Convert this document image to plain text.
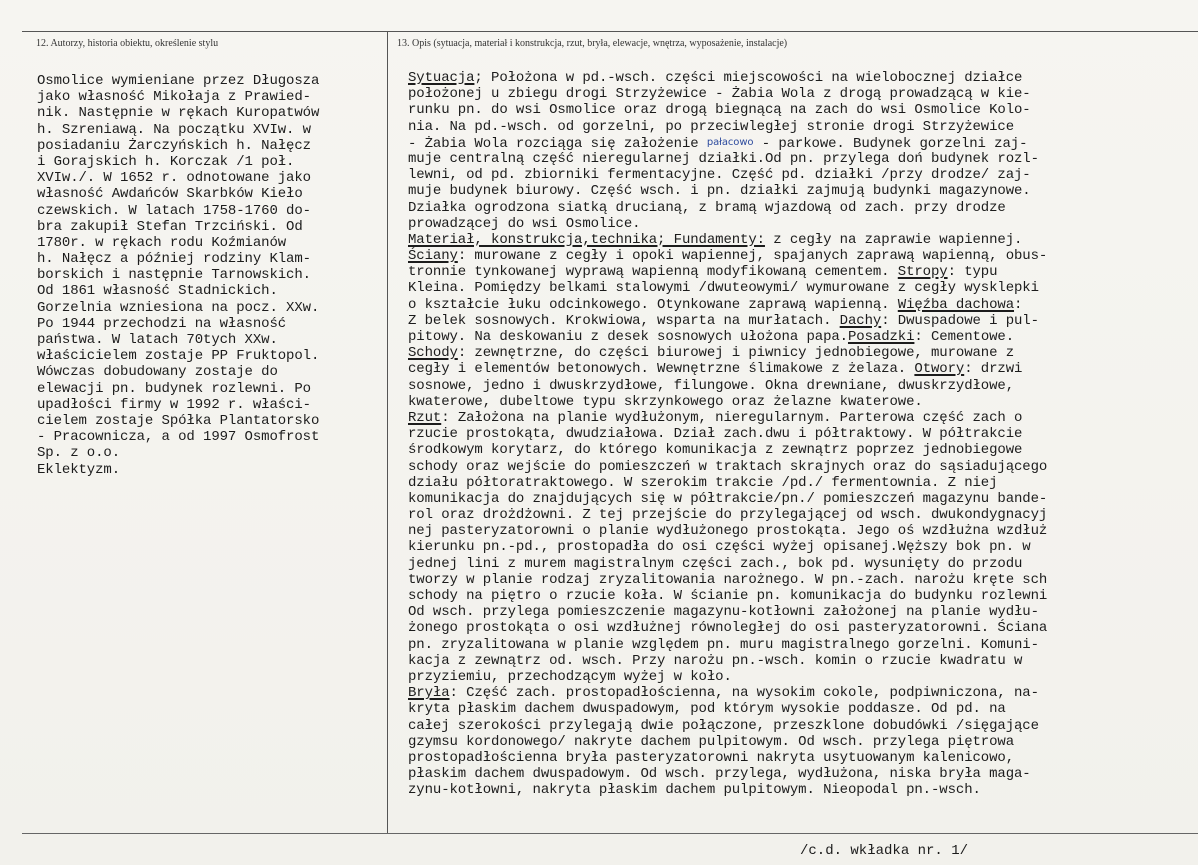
12. Autorzy, historia obiektu, określenie stylu	13. Opis (sytuacja, materiał i konstrukcja, rzut, bryła, elewacje, wnętrza, wyposażenie, instalacje)
Osmolice wymieniane przez Długosza
jako własność Mikołaja z Prawied-
nik. Następnie w rękach Kuropatwów
h. Szreniawą. Na początku XVIw. w
posiadaniu Żarczyńskich h. Nałęcz
i Gorajskich h. Korczak /1 poł.
XVIw./. W 1652 r. odnotowane jako
własność Awdańców Skarbków Kieło
czewskich. W latach 1758-1760 do-
bra zakupił Stefan Trzciński. Od
1780r. w rękach rodu Koźmianów
h. Nałęcz a później rodziny Klam-
borskich i następnie Tarnowskich.
Od 1861 własność Stadnickich.
Gorzelnia wzniesiona na pocz. XXw.
Po 1944 przechodzi na własność
państwa. W latach 70tych XXw.
właścicielem zostaje PP Fruktopol.
Wówczas dobudowany zostaje do
elewacji pn. budynek rozlewni. Po
upadłości firmy w 1992 r. właści-
cielem zostaje Spółka Plantatorsko
- Pracownicza, a od 1997 Osmofrost
Sp. z o.o.
Eklektyzm.
Sytuacja; Położona w pd.-wsch. części miejscowości na wielobocznej działce
położonej u zbiegu drogi Strzyżewice - Żabia Wola z drogą prowadzącą w kie-
runku pn. do wsi Osmolice oraz drogą biegnącą na zach do wsi Osmolice Kolo-
nia. Na pd.-wsch. od gorzelni, po przeciwległej stronie drogi Strzyżewice
- Żabia Wola rozciąga się założenie pałacowo - parkowe. Budynek gorzelni zaj-
muje centralną część nieregularnej działki.Od pn. przylega doń budynek rozl-
lewni, od pd. zbiorniki fermentacyjne. Część pd. działki /przy drodze/ zaj-
muje budynek biurowy. Część wsch. i pn. działki zajmują budynki magazynowe.
Działka ogrodzona siatką drucianą, z bramą wjazdową od zach. przy drodze
prowadzącej do wsi Osmolice.
Materiał, konstrukcja,technika; Fundamenty: z cegły na zaprawie wapiennej.
Ściany: murowane z cegły i opoki wapiennej, spajanych zaprawą wapienną, obus-
tronnie tynkowanej wyprawą wapienną modyfikowaną cementem. Stropy: typu
Kleina. Pomiędzy belkami stalowymi /dwuteowymi/ wymurowane z cegły wysklepki
o kształcie łuku odcinkowego. Otynkowane zaprawą wapienną. Więźba dachowa:
Z belek sosnowych. Krokwiowa, wsparta na murłatach. Dachy: Dwuspadowe i pul-
pitowy. Na deskowaniu z desek sosnowych ułożona papa.Posadzki: Cementowe.
Schody: zewnętrzne, do części biurowej i piwnicy jednobiegowe, murowane z
cegły i elementów betonowych. Wewnętrzne ślimakowe z żelaza. Otwory: drzwi
sosnowe, jedno i dwuskrzydłowe, filungowe. Okna drewniane, dwuskrzydłowe,
kwaterowe, dubeltowe typu skrzynkowego oraz żelazne kwaterowe.
Rzut: Założona na planie wydłużonym, nieregularnym. Parterowa część zach o
rzucie prostokąta, dwudziałowa. Dział zach.dwu i półtraktowy. W półtrakcie
środkowym korytarz, do którego komunikacja z zewnątrz poprzez jednobiegowe
schody oraz wejście do pomieszczeń w traktach skrajnych oraz do sąsiadującego
działu półtoratraktowego. W szerokim trakcie /pd./ fermentownia. Z niej
komunikacja do znajdujących się w półtrakcie/pn./ pomieszczeń magazynu bande-
rol oraz drożdżowni. Z tej przejście do przylegającej od wsch. dwukondygnacyj
nej pasteryzatorowni o planie wydłużonego prostokąta. Jego oś wzdłużna wzdłuż
kierunku pn.-pd., prostopadła do osi części wyżej opisanej.Węższy bok pn. w
jednej lini z murem magistralnym części zach., bok pd. wysunięty do przodu
tworzy w planie rodzaj zryzalitowania narożnego. W pn.-zach. narożu kręte sch
schody na piętro o rzucie koła. W ścianie pn. komunikacja do budynku rozlewni
Od wsch. przylega pomieszczenie magazynu-kotłowni założonej na planie wydłu-
żonego prostokąta o osi wzdłużnej równoległej do osi pasteryzatorowni. Ściana
pn. zryzalitowana w planie względem pn. muru magistralnego gorzelni. Komuni-
kacja z zewnątrz od. wsch. Przy narożu pn.-wsch. komin o rzucie kwadratu w
przyziemiu, przechodzącym wyżej w koło.
Bryła: Część zach. prostopadłościenna, na wysokim cokole, podpiwniczona, na-
kryta płaskim dachem dwuspadowym, pod którym wysokie poddasze. Od pd. na
całej szerokości przylegają dwie połączone, przeszklone dobudówki /sięgające
gzymsu kordonowego/ nakryte dachem pulpitowym. Od wsch. przylega piętrowa
prostopadłościenna bryła pasteryzatorowni nakryta usytuowanym kalenicowo,
płaskim dachem dwuspadowym. Od wsch. przylega, wydłużona, niska bryła maga-
zynu-kotłowni, nakryta płaskim dachem pulpitowym. Nieopodal pn.-wsch.
/c.d. wkładka nr. 1/
